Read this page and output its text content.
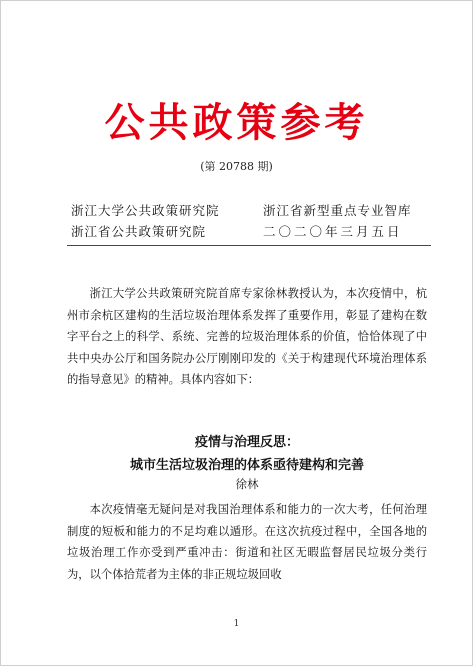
公共政策参考
(第 20788 期)
浙江大学公共政策研究院
浙江省公共政策研究院
浙江省新型重点专业智库
二〇二〇年三月五日
浙江大学公共政策研究院首席专家徐林教授认为，本次疫情中，杭州市余杭区建构的生活垃圾治理体系发挥了重要作用，彰显了建构在数字平台之上的科学、系统、完善的垃圾治理体系的价值，恰恰体现了中共中央办公厅和国务院办公厅刚刚印发的《关于构建现代环境治理体系的指导意见》的精神。具体内容如下：
疫情与治理反思：
城市生活垃圾治理的体系亟待建构和完善
徐林
本次疫情毫无疑问是对我国治理体系和能力的一次大考，任何治理制度的短板和能力的不足均难以遁形。在这次抗疫过程中，全国各地的垃圾治理工作亦受到严重冲击：街道和社区无暇监督居民垃圾分类行为，以个体拾荒者为主体的非正规垃圾回收
1
